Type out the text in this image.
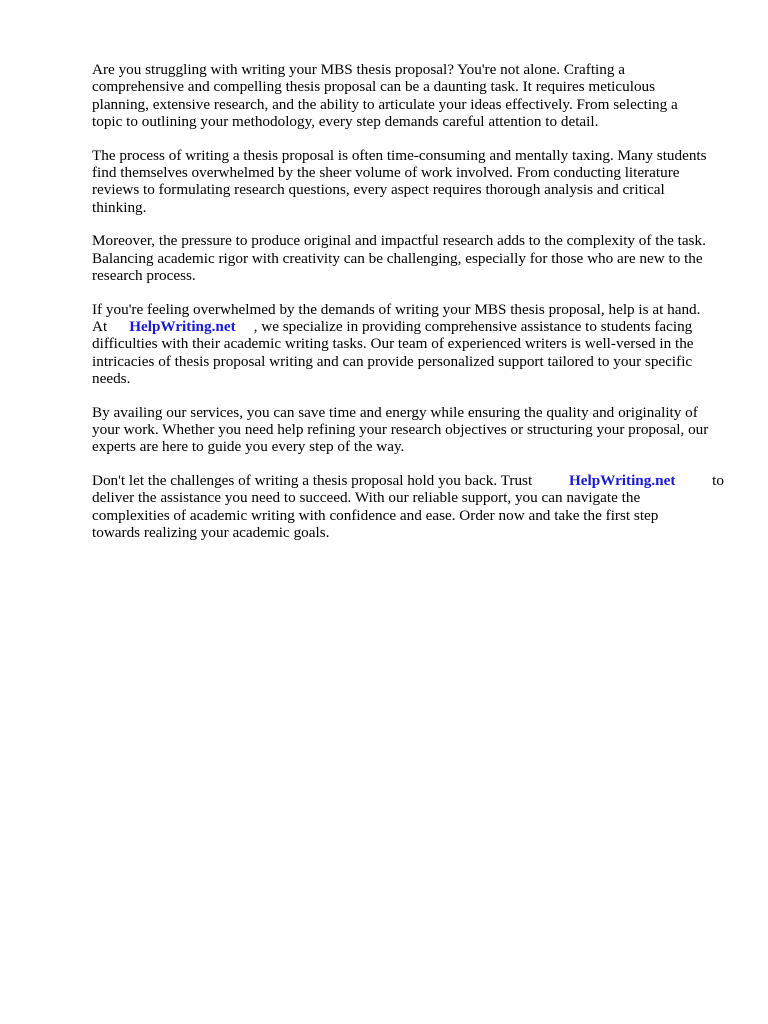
Are you struggling with writing your MBS thesis proposal? You're not alone. Crafting a
comprehensive and compelling thesis proposal can be a daunting task. It requires meticulous
planning, extensive research, and the ability to articulate your ideas effectively. From selecting a
topic to outlining your methodology, every step demands careful attention to detail.

The process of writing a thesis proposal is often time-consuming and mentally taxing. Many students
find themselves overwhelmed by the sheer volume of work involved. From conducting literature
reviews to formulating research questions, every aspect requires thorough analysis and critical
thinking.

Moreover, the pressure to produce original and impactful research adds to the complexity of the task.
Balancing academic rigor with creativity can be challenging, especially for those who are new to the
research process.

If you're feeling overwhelmed by the demands of writing your MBS thesis proposal, help is at hand.
At HelpWriting.net , we specialize in providing comprehensive assistance to students facing
difficulties with their academic writing tasks. Our team of experienced writers is well-versed in the
intricacies of thesis proposal writing and can provide personalized support tailored to your specific
needs.

By availing our services, you can save time and energy while ensuring the quality and originality of
your work. Whether you need help refining your research objectives or structuring your proposal, our
experts are here to guide you every step of the way.

Don't let the challenges of writing a thesis proposal hold you back. Trust HelpWriting.net to
deliver the assistance you need to succeed. With our reliable support, you can navigate the
complexities of academic writing with confidence and ease. Order now and take the first step
towards realizing your academic goals.
